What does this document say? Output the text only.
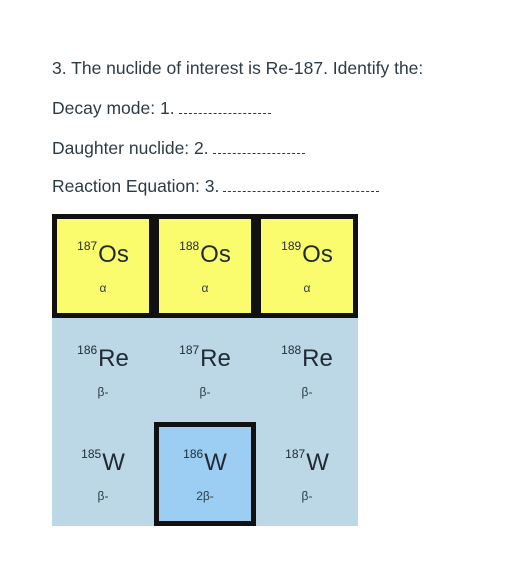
3. The nuclide of interest is Re-187. Identify the:
Decay mode: 1.
Daughter nuclide: 2.
Reaction Equation: 3.
$^{187}$Os
α
$^{188}$Os
α
$^{189}$Os
α
$^{186}$Re
β-
$^{187}$Re
β-
$^{188}$Re
β-
$^{185}$W
β-
$^{186}$W
2β-
$^{187}$W
β-
